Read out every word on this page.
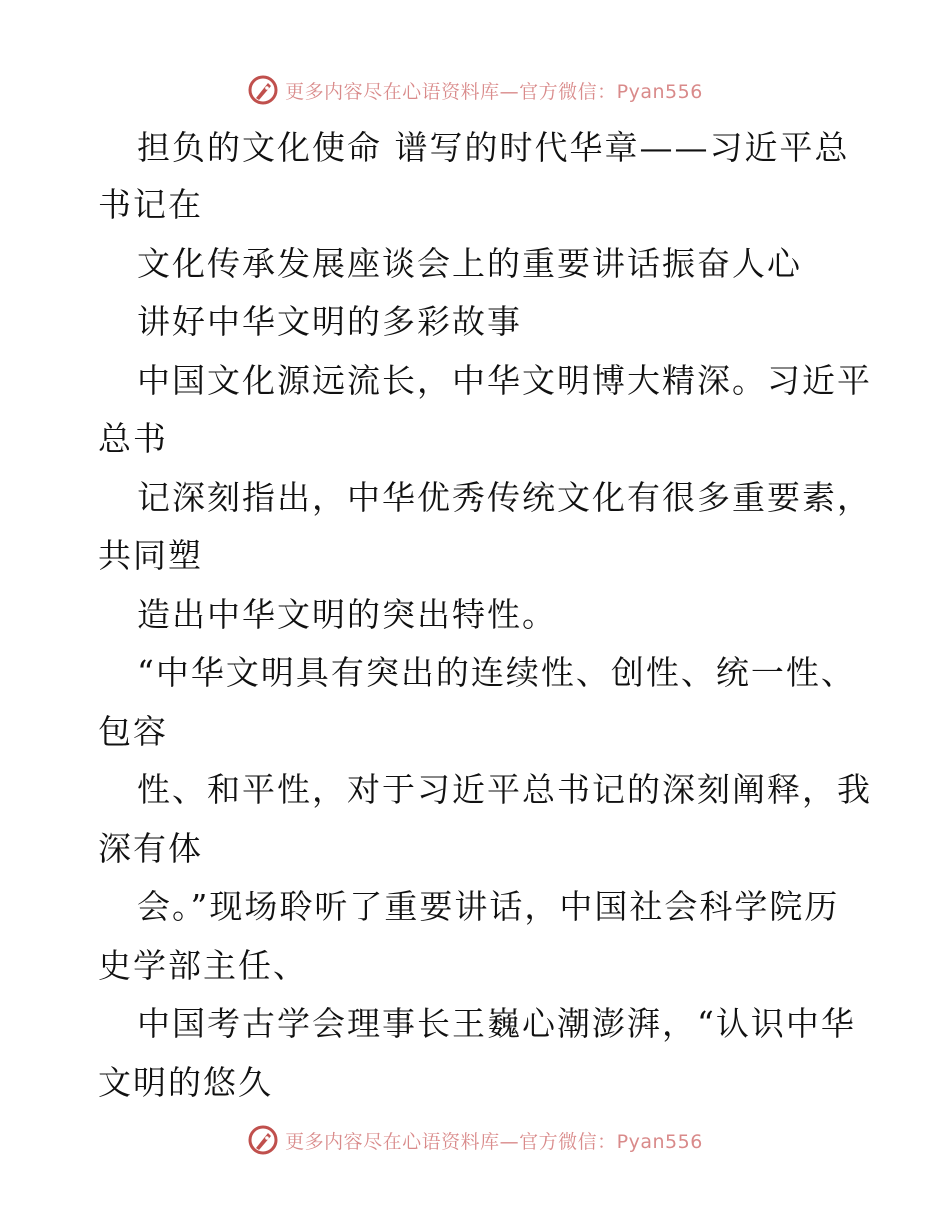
更多内容尽在心语资料库—官方微信：Pyan556
担负的文化使命 谱写的时代华章——习近平总
书记在
文化传承发展座谈会上的重要讲话振奋人心
讲好中华文明的多彩故事
中国文化源远流长，中华文明博大精深。习近平
总书
记深刻指出，中华优秀传统文化有很多重要素，
共同塑
造出中华文明的突出特性。
“中华文明具有突出的连续性、创性、统一性、
包容
性、和平性，对于习近平总书记的深刻阐释，我
深有体
会。”现场聆听了重要讲话，中国社会科学院历
史学部主任、
中国考古学会理事长王巍心潮澎湃，“认识中华
文明的悠久
更多内容尽在心语资料库—官方微信：Pyan556
